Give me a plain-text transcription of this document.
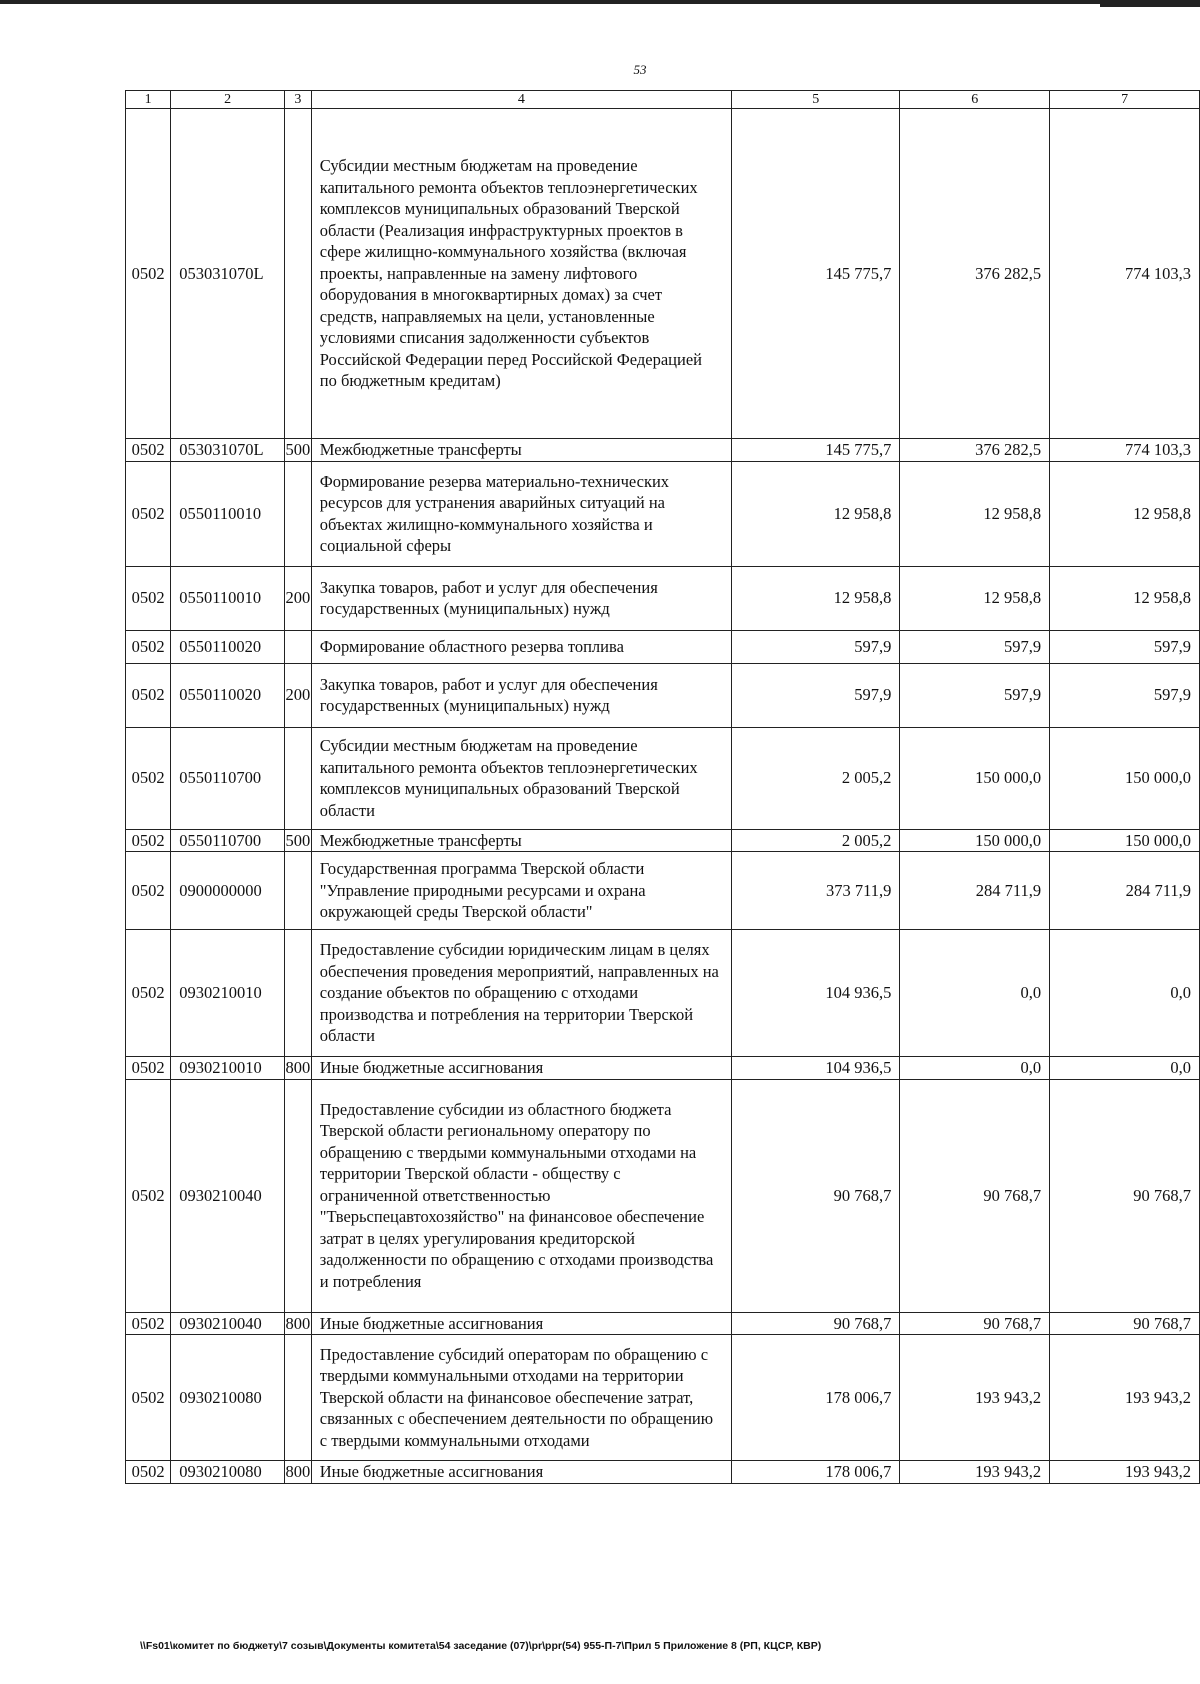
53
1	2	3	4	5	6	7
0502	053031070L		Субсидии местным бюджетам на проведение капитального ремонта объектов теплоэнергетических комплексов муниципальных образований Тверской области (Реализация инфраструктурных проектов в сфере жилищно-коммунального хозяйства (включая проекты, направленные на замену лифтового оборудования в многоквартирных домах) за счет средств, направляемых на цели, установленные условиями списания задолженности субъектов Российской Федерации перед Российской Федерацией по бюджетным кредитам)	145 775,7	376 282,5	774 103,3
0502	053031070L	500	Межбюджетные трансферты	145 775,7	376 282,5	774 103,3
0502	0550110010		Формирование резерва материально-технических ресурсов для устранения аварийных ситуаций на объектах жилищно-коммунального хозяйства и социальной сферы	12 958,8	12 958,8	12 958,8
0502	0550110010	200	Закупка товаров, работ и услуг для обеспечения государственных (муниципальных) нужд	12 958,8	12 958,8	12 958,8
0502	0550110020		Формирование областного резерва топлива	597,9	597,9	597,9
0502	0550110020	200	Закупка товаров, работ и услуг для обеспечения государственных (муниципальных) нужд	597,9	597,9	597,9
0502	0550110700		Субсидии местным бюджетам на проведение капитального ремонта объектов теплоэнергетических комплексов муниципальных образований Тверской области	2 005,2	150 000,0	150 000,0
0502	0550110700	500	Межбюджетные трансферты	2 005,2	150 000,0	150 000,0
0502	0900000000		Государственная программа Тверской области "Управление природными ресурсами и охрана окружающей среды Тверской области"	373 711,9	284 711,9	284 711,9
0502	0930210010		Предоставление субсидии юридическим лицам в целях обеспечения проведения мероприятий, направленных на создание объектов по обращению с отходами производства и потребления на территории Тверской области	104 936,5	0,0	0,0
0502	0930210010	800	Иные бюджетные ассигнования	104 936,5	0,0	0,0
0502	0930210040		Предоставление субсидии из областного бюджета Тверской области региональному оператору по обращению с твердыми коммунальными отходами на территории Тверской области - обществу с ограниченной ответственностью "Тверьспецавтохозяйство" на финансовое обеспечение затрат в целях урегулирования кредиторской задолженности по обращению с отходами производства и потребления	90 768,7	90 768,7	90 768,7
0502	0930210040	800	Иные бюджетные ассигнования	90 768,7	90 768,7	90 768,7
0502	0930210080		Предоставление субсидий операторам по обращению с твердыми коммунальными отходами на территории Тверской области на финансовое обеспечение затрат, связанных с обеспечением деятельности по обращению с твердыми коммунальными отходами	178 006,7	193 943,2	193 943,2
0502	0930210080	800	Иные бюджетные ассигнования	178 006,7	193 943,2	193 943,2
\\Fs01\комитет по бюджету\7 созыв\Документы комитета\54 заседание (07)\pr\ppr(54) 955-П-7\Прил 5 Приложение 8 (РП, КЦСР, КВР)
